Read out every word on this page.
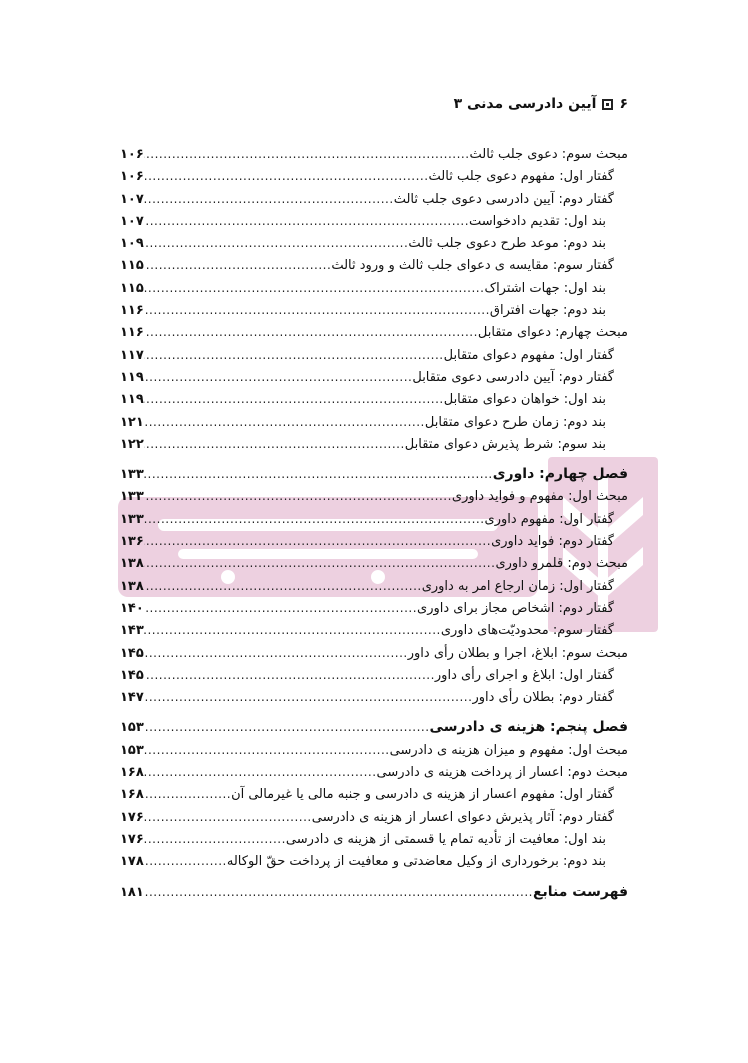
۶
آیین دادرسی مدنی ۳
مبحث سوم: دعوی جلب ثالث
.....
۱۰۶
گفتار اول: مفهوم دعوی جلب ثالث
.....
۱۰۶
گفتار دوم: آیین دادرسی دعوی جلب ثالث
.....
۱۰۷
بند اول: تقدیم دادخواست
.....
۱۰۷
بند دوم: موعد طرح دعوی جلب ثالث
.....
۱۰۹
گفتار سوم: مقایسه ی دعوای جلب ثالث و ورود ثالث
.....
۱۱۵
بند اول: جهات اشتراک
.....
۱۱۵
بند دوم: جهات افتراق
.....
۱۱۶
مبحث چهارم: دعوای متقابل
.....
۱۱۶
گفتار اول: مفهوم دعوای متقابل
.....
۱۱۷
گفتار دوم: آیین دادرسی دعوی متقابل
.....
۱۱۹
بند اول: خواهان دعوای متقابل
.....
۱۱۹
بند دوم: زمان طرح دعوای متقابل
.....
۱۲۱
بند سوم: شرط پذیرش دعوای متقابل
.....
۱۲۲
فصل چهارم: داوری
.....
۱۳۳
مبحث اول: مفهوم و فواید داوری
.....
۱۳۳
گفتار اول: مفهوم داوری
.....
۱۳۳
گفتار دوم: فواید داوری
.....
۱۳۶
مبحث دوم: قلمرو داوری
.....
۱۳۸
گفتار اول: زمان ارجاع امر به داوری
.....
۱۳۸
گفتار دوم: اشخاص مجاز برای داوری
.....
۱۴۰
گفتار سوم: محدودیّت‌های داوری
.....
۱۴۳
مبحث سوم: ابلاغ، اجرا و بطلان رأی داور
.....
۱۴۵
گفتار اول: ابلاغ و اجرای رأی داور
.....
۱۴۵
گفتار دوم: بطلان رأی داور
.....
۱۴۷
فصل پنجم: هزینه ی دادرسی
.....
۱۵۳
مبحث اول: مفهوم و میزان هزینه ی دادرسی
.....
۱۵۳
مبحث دوم: اعسار از پرداخت هزینه ی دادرسی
.....
۱۶۸
گفتار اول: مفهوم اعسار از هزینه ی دادرسی و جنبه مالی یا غیرمالی آن
.....
۱۶۸
گفتار دوم: آثار پذیرش دعوای اعسار از هزینه ی دادرسی
.....
۱۷۶
بند اول: معافیت از تأدیه تمام یا قسمتی از هزینه ی دادرسی
.....
۱۷۶
بند دوم: برخورداری از وکیل معاضدتی و معافیت از پرداخت حقّ الوکاله
.....
۱۷۸
فهرست منابع
.....
۱۸۱
